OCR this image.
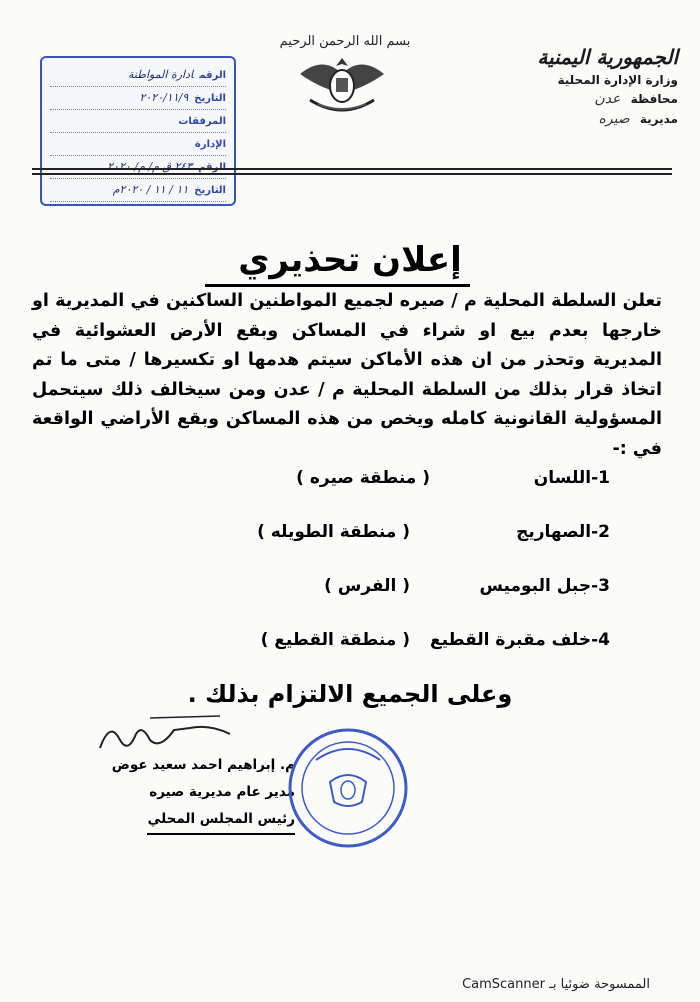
بسم الله الرحمن الرحيم
الجمهورية اليمنية
وزارة الإدارة المحلية
محافظة عدن
مديرية صيره
الرقمادارة المواطنة
التاريخ٢٠٢٠/١١/٩
المرفقات
الإدارة
الرقم٢٤٣ ق م/ م/ ٢٠٢٠
التاريخ١١ / ١١ / ٢٠٢٠م
إعلان تحذيري
تعلن السلطة المحلية م / صيره لجميع المواطنين الساكنين في المديرية او خارجها بعدم بيع او شراء في المساكن وبقع الأرض العشوائية في المديرية وتحذر من ان هذه الأماكن سيتم هدمها او تكسيرها / متى ما تم اتخاذ قرار بذلك من السلطة المحلية م / عدن ومن سيخالف ذلك سيتحمل المسؤولية القانونية كامله ويخص من هذه المساكن وبقع الأراضي الواقعة في :-
1-اللسان
( منطقة صيره )
2-الصهاريج
( منطقة الطويله )
3-جبل البوميس
( الفرس )
4-خلف مقبرة القطيع
( منطقة القطيع )
وعلى الجميع الالتزام بذلك .
م. إبراهيم احمد سعيد عوض
مدير عام مديرية صيره
رئيس المجلس المحلي
الممسوحة ضوئيا بـ CamScanner
